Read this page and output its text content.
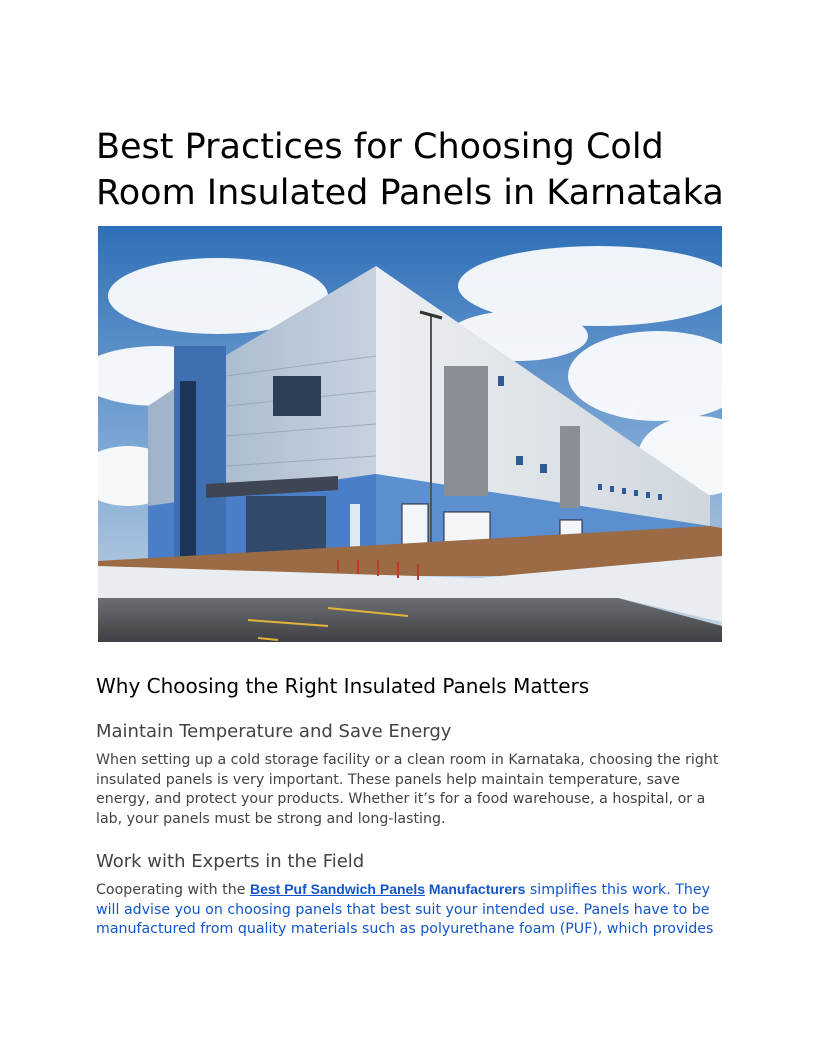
Best Practices for Choosing Cold Room Insulated Panels in Karnataka
Why Choosing the Right Insulated Panels Matters
Maintain Temperature and Save Energy

When setting up a cold storage facility or a clean room in Karnataka, choosing the right insulated panels is very important. These panels help maintain temperature, save energy, and protect your products. Whether it’s for a food warehouse, a hospital, or a lab, your panels must be strong and long-lasting.

Work with Experts in the Field

Cooperating with the Best Puf Sandwich Panels Manufacturers simplifies this work. They will advise you on choosing panels that best suit your intended use. Panels have to be manufactured from quality materials such as polyurethane foam (PUF), which provides
